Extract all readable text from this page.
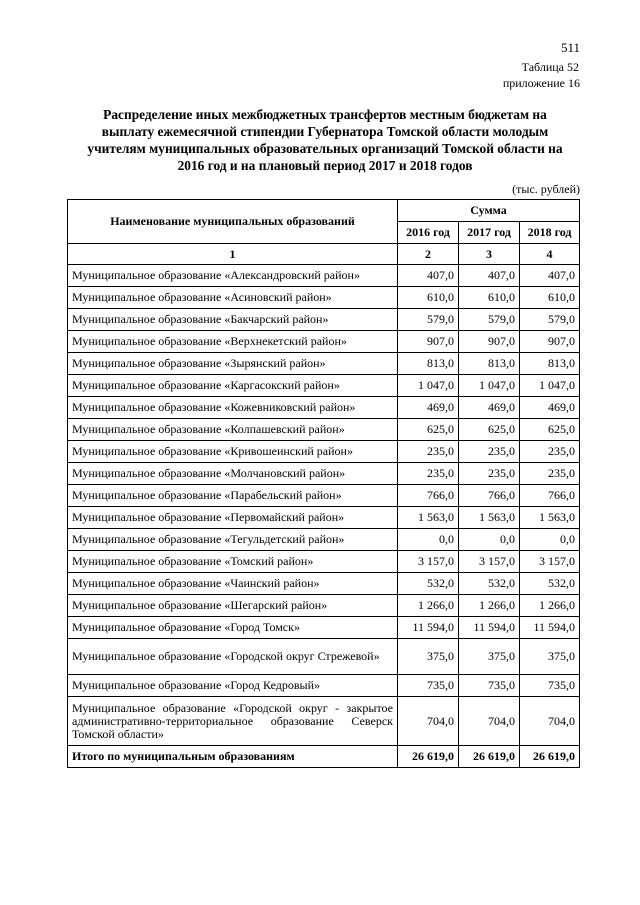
511
Таблица 52
приложение 16
Распределение иных межбюджетных трансфертов местным бюджетам на выплату ежемесячной стипендии Губернатора Томской области молодым учителям муниципальных образовательных организаций Томской области на 2016 год и на плановый период 2017 и 2018 годов
(тыс. рублей)
Наименование муниципальных образований	Сумма		
	2016 год	2017 год	2018 год
1	2	3	4
Муниципальное образование «Александровский район»	407,0	407,0	407,0
Муниципальное образование «Асиновский район»	610,0	610,0	610,0
Муниципальное образование «Бакчарский район»	579,0	579,0	579,0
Муниципальное образование «Верхнекетский район»	907,0	907,0	907,0
Муниципальное образование «Зырянский район»	813,0	813,0	813,0
Муниципальное образование «Каргасокский район»	1 047,0	1 047,0	1 047,0
Муниципальное образование «Кожевниковский район»	469,0	469,0	469,0
Муниципальное образование «Колпашевский район»	625,0	625,0	625,0
Муниципальное образование «Кривошеинский район»	235,0	235,0	235,0
Муниципальное образование «Молчановский район»	235,0	235,0	235,0
Муниципальное образование «Парабельский район»	766,0	766,0	766,0
Муниципальное образование «Первомайский район»	1 563,0	1 563,0	1 563,0
Муниципальное образование «Тегульдетский район»	0,0	0,0	0,0
Муниципальное образование «Томский район»	3 157,0	3 157,0	3 157,0
Муниципальное образование «Чаинский район»	532,0	532,0	532,0
Муниципальное образование «Шегарский район»	1 266,0	1 266,0	1 266,0
Муниципальное образование «Город Томск»	11 594,0	11 594,0	11 594,0
Муниципальное образование «Городской округ Стрежевой»	375,0	375,0	375,0
Муниципальное образование «Город Кедровый»	735,0	735,0	735,0
Муниципальное образование «Городской округ - закрытое административно-территориальное образование Северск Томской области»	704,0	704,0	704,0
Итого по муниципальным образованиям	26 619,0	26 619,0	26 619,0
